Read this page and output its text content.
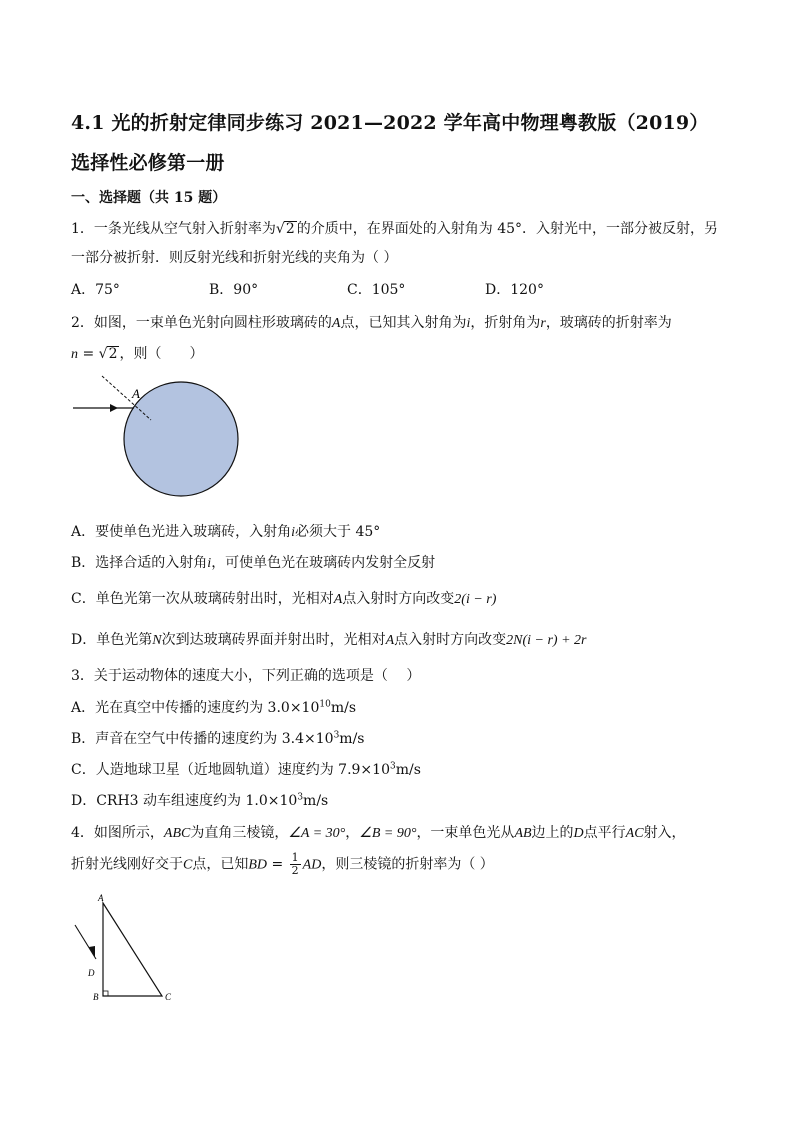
4.1 光的折射定律同步练习 2021—2022 学年高中物理粤教版（2019）
选择性必修第一册
一、选择题（共 15 题）
1．一条光线从空气射入折射率为√2 的介质中，在界面处的入射角为 45°．入射光中，一部分被反射，另
一部分被折射．则反射光线和折射光线的夹角为（ ）
A．75°	B．90°	C．105°	D．120°
2．如图，一束单色光射向圆柱形玻璃砖的A点，已知其入射角为i，折射角为r，玻璃砖的折射率为
n = √2 ，则（　　）
A
A．要使单色光进入玻璃砖，入射角i必须大于 45°
B．选择合适的入射角i，可使单色光在玻璃砖内发射全反射
C．单色光第一次从玻璃砖射出时，光相对A点入射时方向改变2(i − r)
D．单色光第N次到达玻璃砖界面并射出时，光相对A点入射时方向改变2N(i − r) + 2r
3．关于运动物体的速度大小，下列正确的选项是（　 ）
A．光在真空中传播的速度约为 $3.0\times 10^{10}m/s$
B．声音在空气中传播的速度约为 $3.4\times 10^3m/s$
C．人造地球卫星（近地圆轨道）速度约为 $7.9\times 10^3m/s$
D．CRH3 动车组速度约为 $1.0\times 10^3m/s$
4．如图所示，ABC为直角三棱镜，∠A = 30°，∠B = 90°，一束单色光从AB边上的D点平行AC射入，
折射光线刚好交于C点，已知BD = $\frac{1}{2}$ AD，则三棱镜的折射率为（ ）
A
D
B	C
